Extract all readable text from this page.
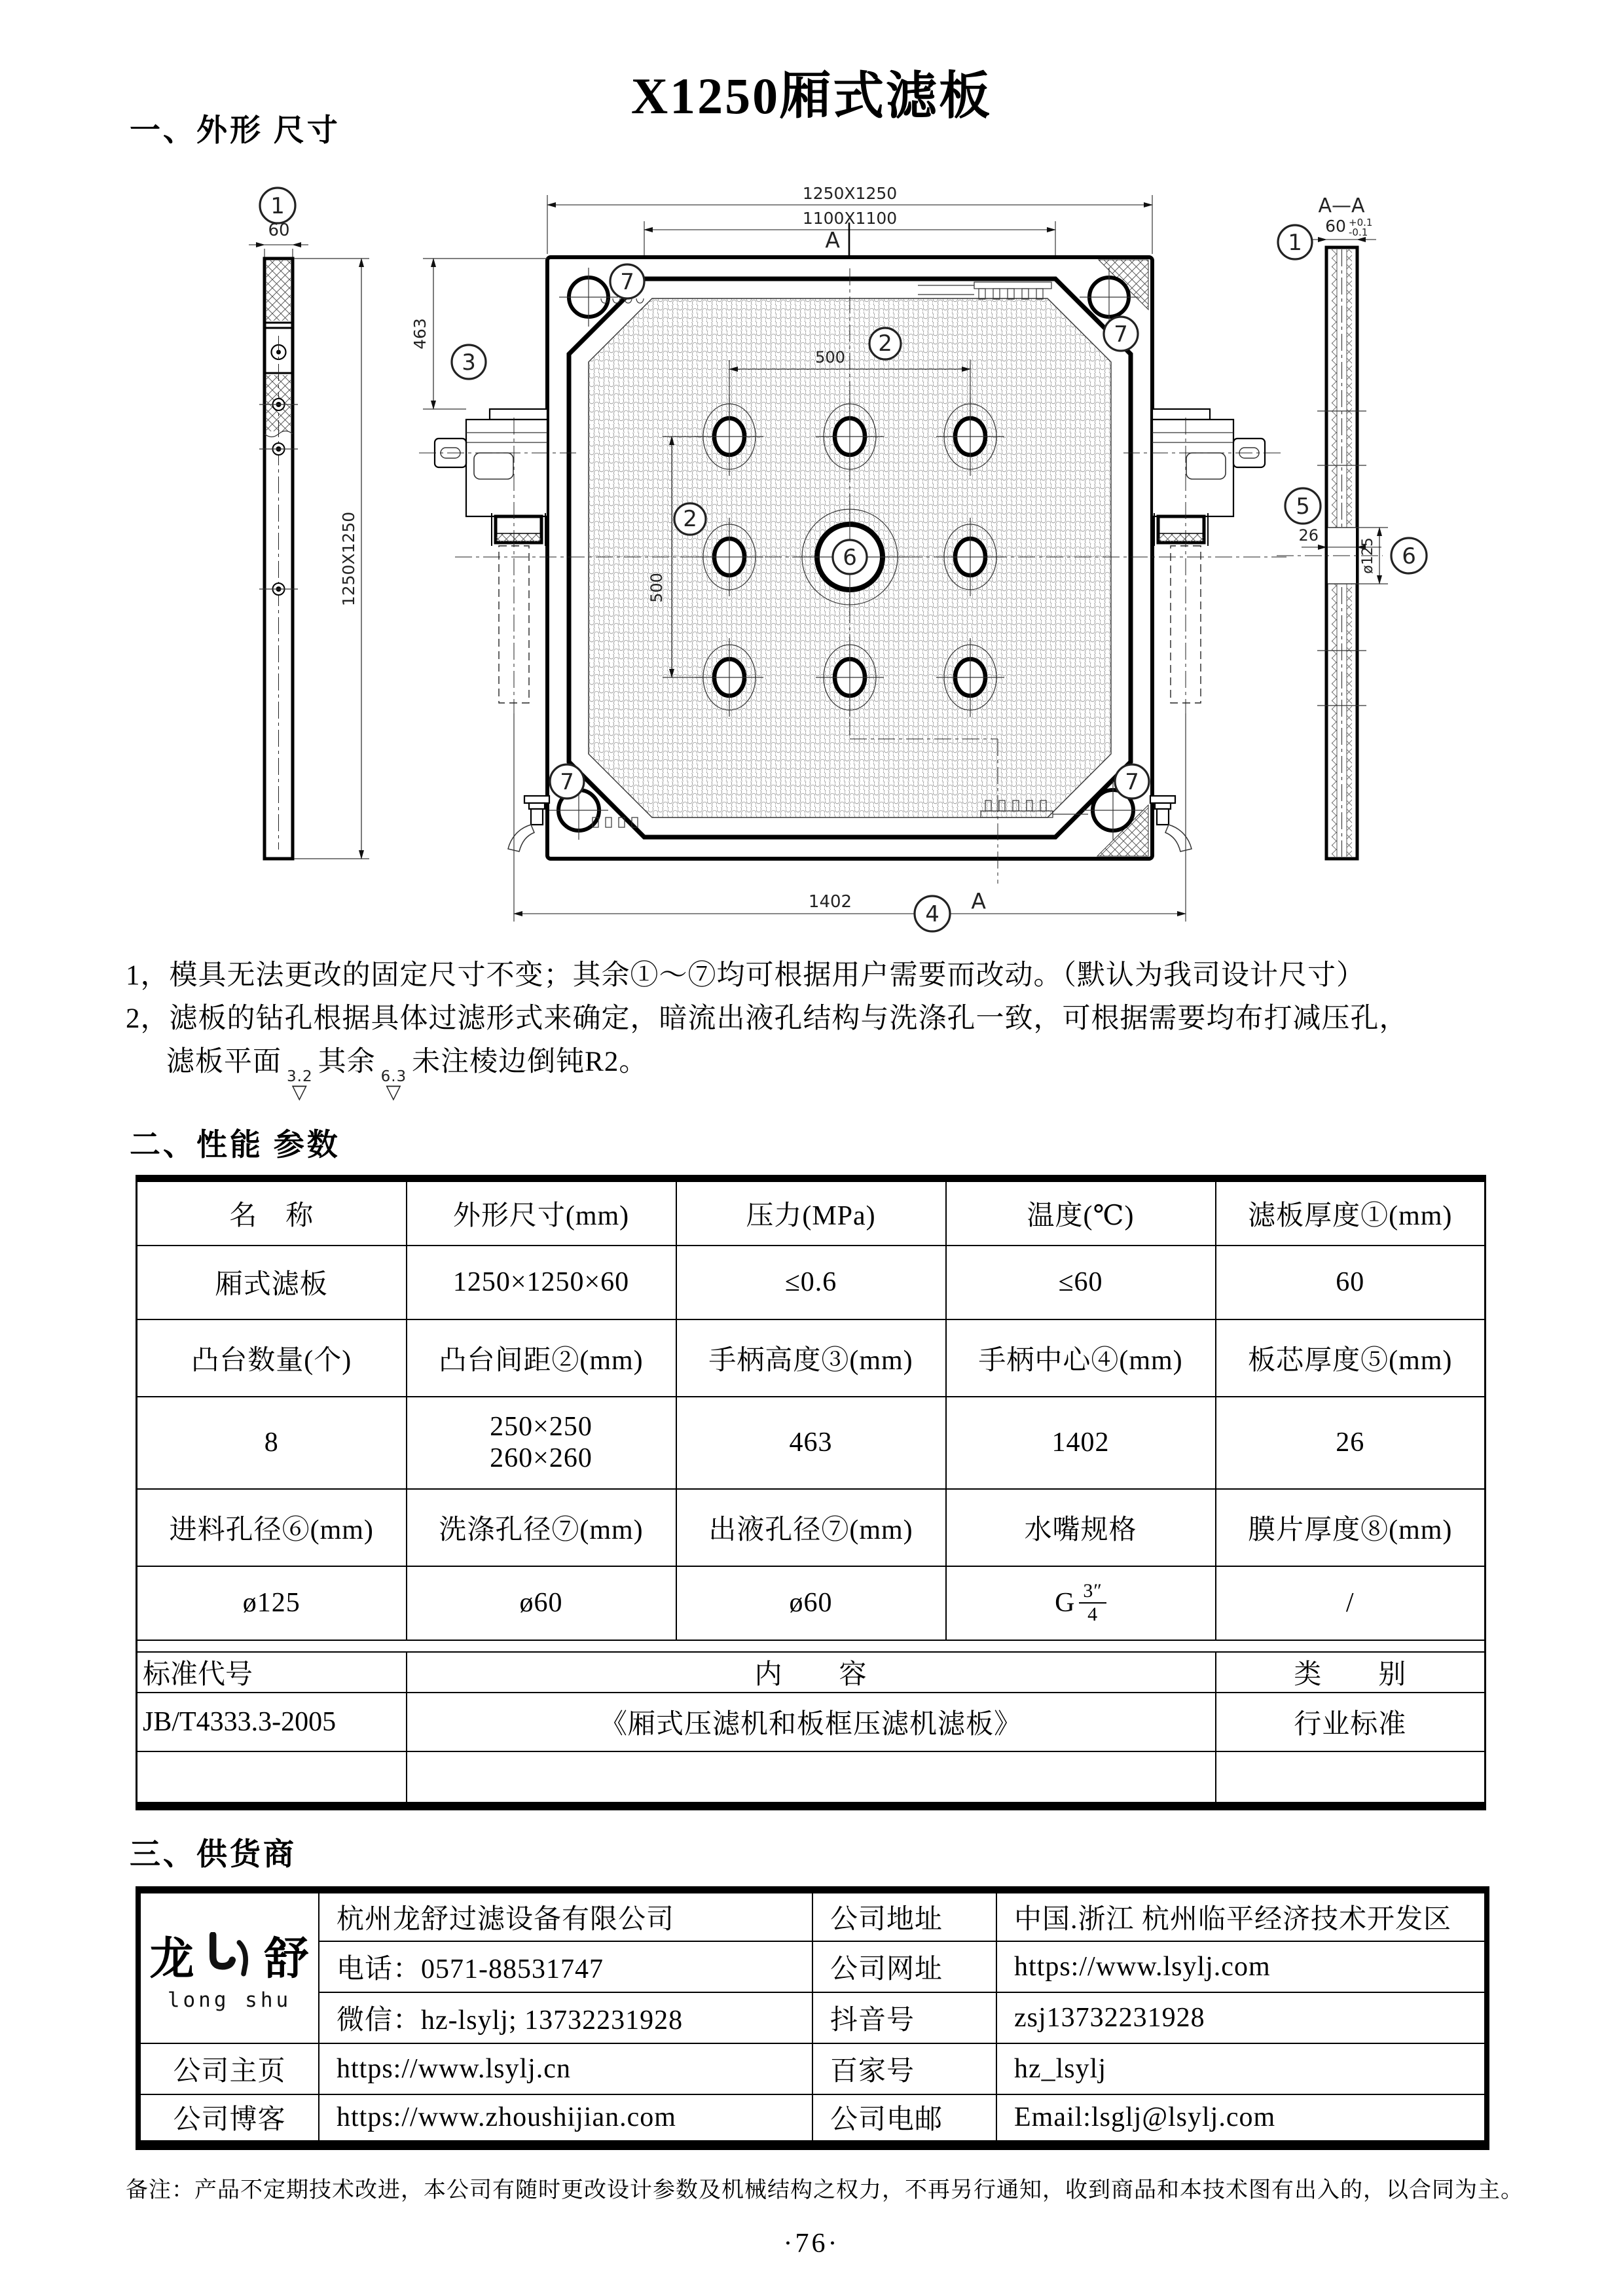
X1250厢式滤板
一、外形 尺寸
1
60
1250X1250
1250X1250
1100X1100
A
7
7
7	7
A
6
500
2
500
2
463
3
1402	4
A—A
60 +0.1
-0.1
1
5
26
ø125 6
1，模具无法更改的固定尺寸不变；其余①～⑦均可根据用户需要而改动。（默认为我司设计尺寸）
2，滤板的钻孔根据具体过滤形式来确定，暗流出液孔结构与洗涤孔一致，可根据需要均布打减压孔，
滤板平面 3.2
▽
其余 6.3
▽
未注棱边倒钝R2。
二、性能 参数
名　称	外形尺寸(mm)	压力(MPa)	温度(℃)	滤板厚度①(mm)
厢式滤板	1250×1250×60	≤0.6	≤60	60
凸台数量(个)	凸台间距②(mm)	手柄高度③(mm)	手柄中心④(mm)	板芯厚度⑤(mm)
8	250×250
260×260	463	1402	26
进料孔径⑥(mm)	洗涤孔径⑦(mm)	出液孔径⑦(mm)	水嘴规格	膜片厚度⑧(mm)
ø125	ø60	ø60	G $\frac{3''}{4}$	/

标准代号	内　　容			类　　别
JB/T4333.3-2005	《厢式压滤机和板框压滤机滤板》			行业标准

三、供货商
龙 舒
long shu	杭州龙舒过滤设备有限公司	公司地址	中国.浙江 杭州临平经济技术开发区
	电话：0571-88531747	公司网址	https://www.lsylj.com
	微信：hz-lsylj; 13732231928	抖音号	zsj13732231928
公司主页	https://www.lsylj.cn	百家号	hz_lsylj
公司博客	https://www.zhoushijian.com	公司电邮	Email:lsglj@lsylj.com
备注：产品不定期技术改进，本公司有随时更改设计参数及机械结构之权力，不再另行通知，收到商品和本技术图有出入的，以合同为主。
·76·
